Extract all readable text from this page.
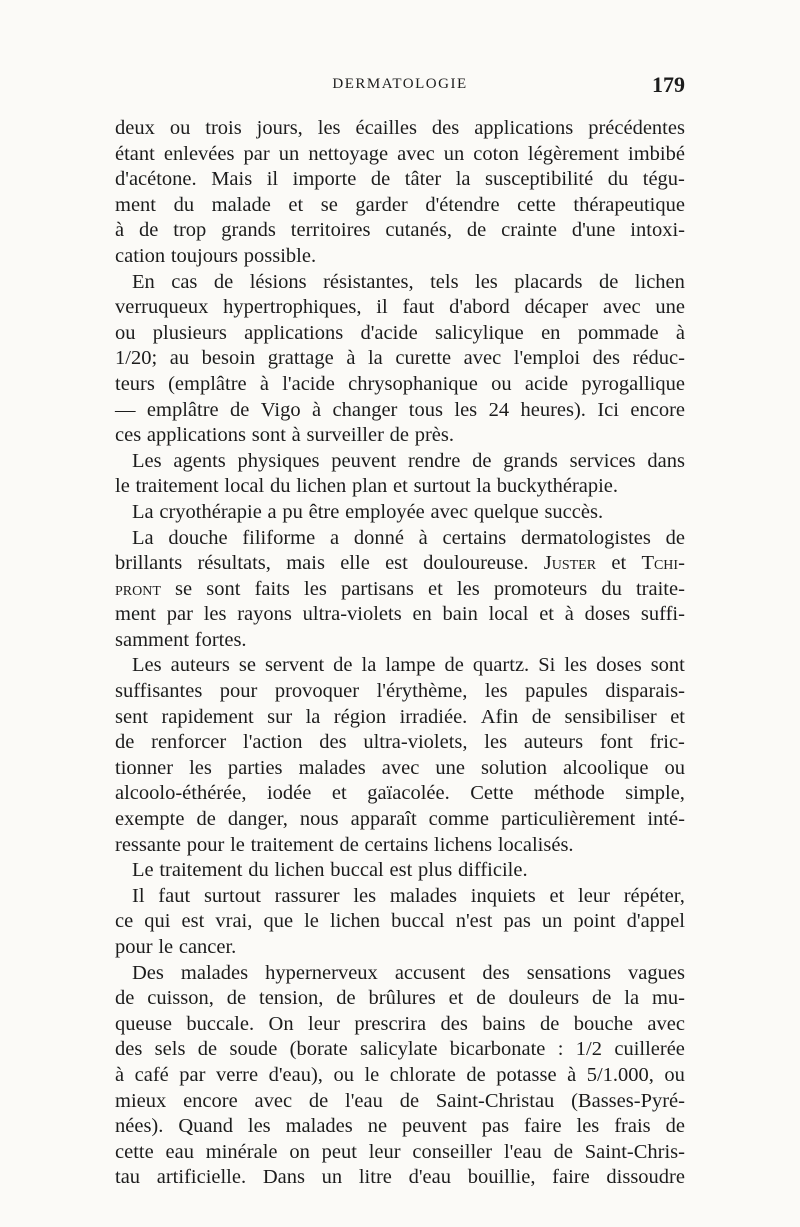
DERMATOLOGIE	179
deux ou trois jours, les écailles des applications précédentes
étant enlevées par un nettoyage avec un coton légèrement imbibé
d'acétone. Mais il importe de tâter la susceptibilité du tégu-
ment du malade et se garder d'étendre cette thérapeutique
à de trop grands territoires cutanés, de crainte d'une intoxi-
cation toujours possible.
En cas de lésions résistantes, tels les placards de lichen
verruqueux hypertrophiques, il faut d'abord décaper avec une
ou plusieurs applications d'acide salicylique en pommade à
1/20; au besoin grattage à la curette avec l'emploi des réduc-
teurs (emplâtre à l'acide chrysophanique ou acide pyrogallique
— emplâtre de Vigo à changer tous les 24 heures). Ici encore
ces applications sont à surveiller de près.
Les agents physiques peuvent rendre de grands services dans
le traitement local du lichen plan et surtout la buckythérapie.
La cryothérapie a pu être employée avec quelque succès.
La douche filiforme a donné à certains dermatologistes de
brillants résultats, mais elle est douloureuse. Juster et Tchi-
pront se sont faits les partisans et les promoteurs du traite-
ment par les rayons ultra-violets en bain local et à doses suffi-
samment fortes.
Les auteurs se servent de la lampe de quartz. Si les doses sont
suffisantes pour provoquer l'érythème, les papules disparais-
sent rapidement sur la région irradiée. Afin de sensibiliser et
de renforcer l'action des ultra-violets, les auteurs font fric-
tionner les parties malades avec une solution alcoolique ou
alcoolo-éthérée, iodée et gaïacolée. Cette méthode simple,
exempte de danger, nous apparaît comme particulièrement inté-
ressante pour le traitement de certains lichens localisés.
Le traitement du lichen buccal est plus difficile.
Il faut surtout rassurer les malades inquiets et leur répéter,
ce qui est vrai, que le lichen buccal n'est pas un point d'appel
pour le cancer.
Des malades hypernerveux accusent des sensations vagues
de cuisson, de tension, de brûlures et de douleurs de la mu-
queuse buccale. On leur prescrira des bains de bouche avec
des sels de soude (borate salicylate bicarbonate : 1/2 cuillerée
à café par verre d'eau), ou le chlorate de potasse à 5/1.000, ou
mieux encore avec de l'eau de Saint-Christau (Basses-Pyré-
nées). Quand les malades ne peuvent pas faire les frais de
cette eau minérale on peut leur conseiller l'eau de Saint-Chris-
tau artificielle. Dans un litre d'eau bouillie, faire dissoudre
